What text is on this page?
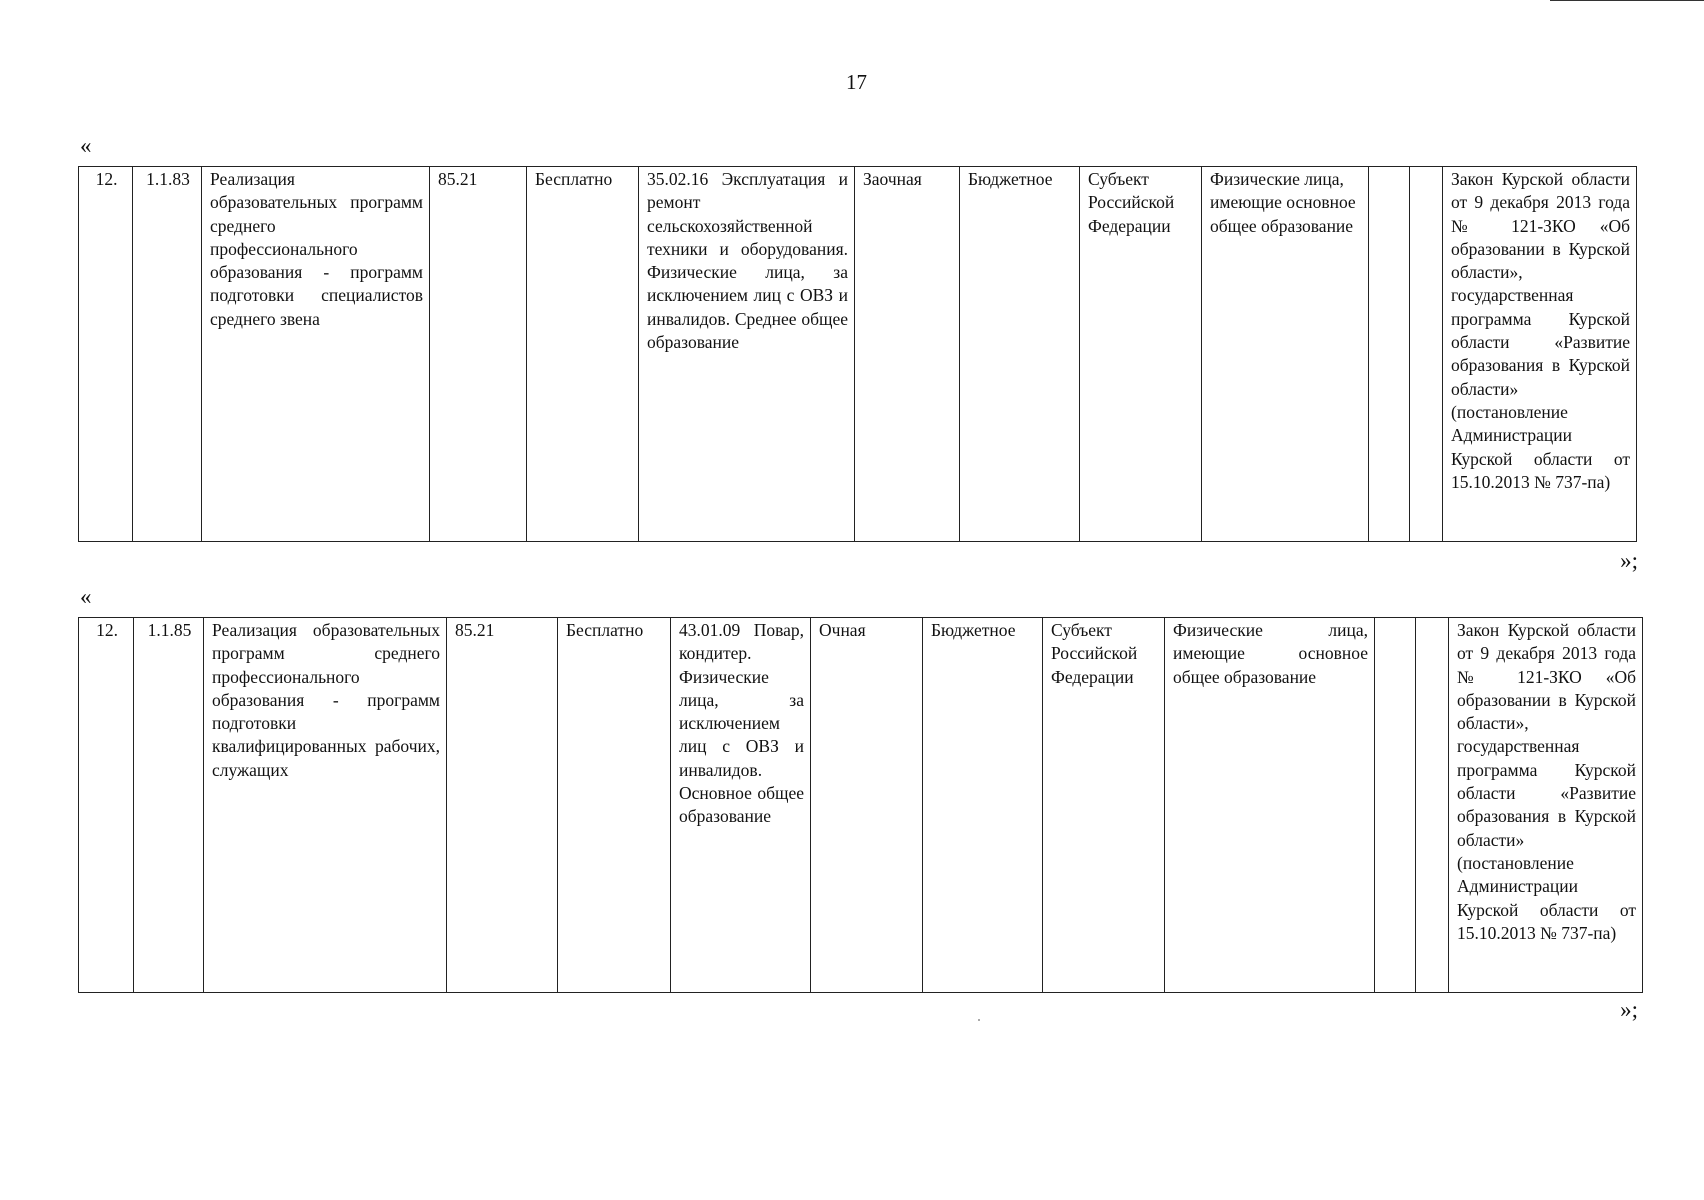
17
«
12.	1.1.83	Реализация образовательных программ среднего профессионального образования - программ подготовки специалистов среднего звена	85.21	Бесплатно	35.02.16 Эксплуатация и ремонт сельскохозяйственной техники и оборудования. Физические лица, за исключением лиц с ОВЗ и инвалидов. Среднее общее образование	Заочная	Бюджетное	Субъект Российской Федерации	Физические лица, имеющие основное общее образование			Закон Курской области от 9 декабря 2013 года № 121-ЗКО «Об образовании в Курской области», государственная программа Курской области «Развитие образования в Курской области» (постановление Администрации Курской области от 15.10.2013 № 737-па)
»;
«
12.	1.1.85	Реализация образовательных программ среднего профессионального образования - программ подготовки квалифицированных рабочих, служащих	85.21	Бесплатно	43.01.09 Повар, кондитер. Физические лица, за исключением лиц с ОВЗ и инвалидов. Основное общее образование	Очная	Бюджетное	Субъект Российской Федерации	Физические лица, имеющие основное общее образование			Закон Курской области от 9 декабря 2013 года № 121-ЗКО «Об образовании в Курской области», государственная программа Курской области «Развитие образования в Курской области» (постановление Администрации Курской области от 15.10.2013 № 737-па)
»;
